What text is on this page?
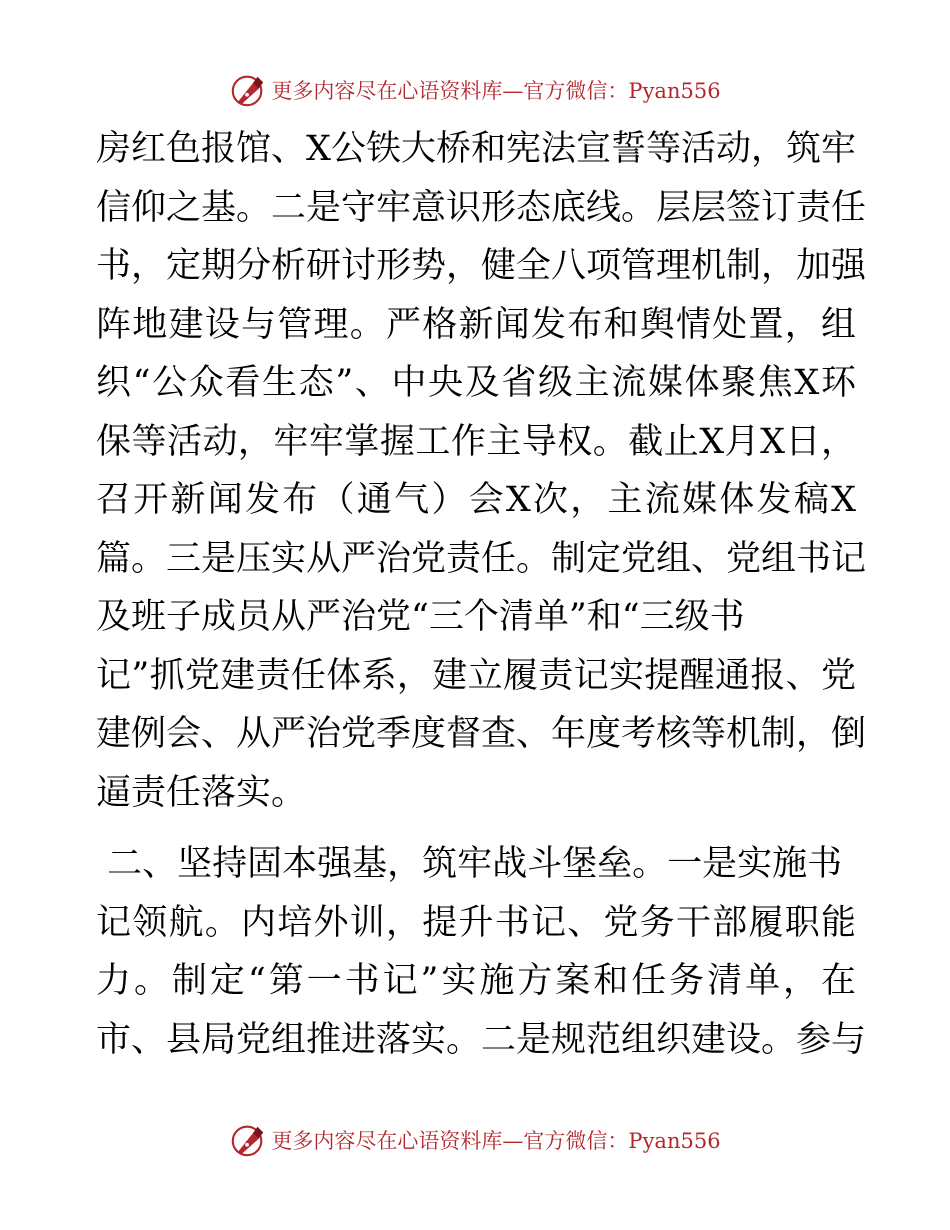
更多内容尽在心语资料库—官方微信：Pyan556
房红色报馆、X公铁大桥和宪法宣誓等活动，筑牢
信仰之基。二是守牢意识形态底线。层层签订责任
书，定期分析研讨形势，健全八项管理机制，加强
阵地建设与管理。严格新闻发布和舆情处置，组
织“公众看生态”、中央及省级主流媒体聚焦X环
保等活动，牢牢掌握工作主导权。截止X月X日，
召开新闻发布（通气）会X次，主流媒体发稿X
篇。三是压实从严治党责任。制定党组、党组书记
及班子成员从严治党“三个清单”和“三级书
记”抓党建责任体系，建立履责记实提醒通报、党
建例会、从严治党季度督查、年度考核等机制，倒
逼责任落实。
二、坚持固本强基，筑牢战斗堡垒。一是实施书
记领航。内培外训，提升书记、党务干部履职能
力。制定“第一书记”实施方案和任务清单，在
市、县局党组推进落实。二是规范组织建设。参与
更多内容尽在心语资料库—官方微信：Pyan556
